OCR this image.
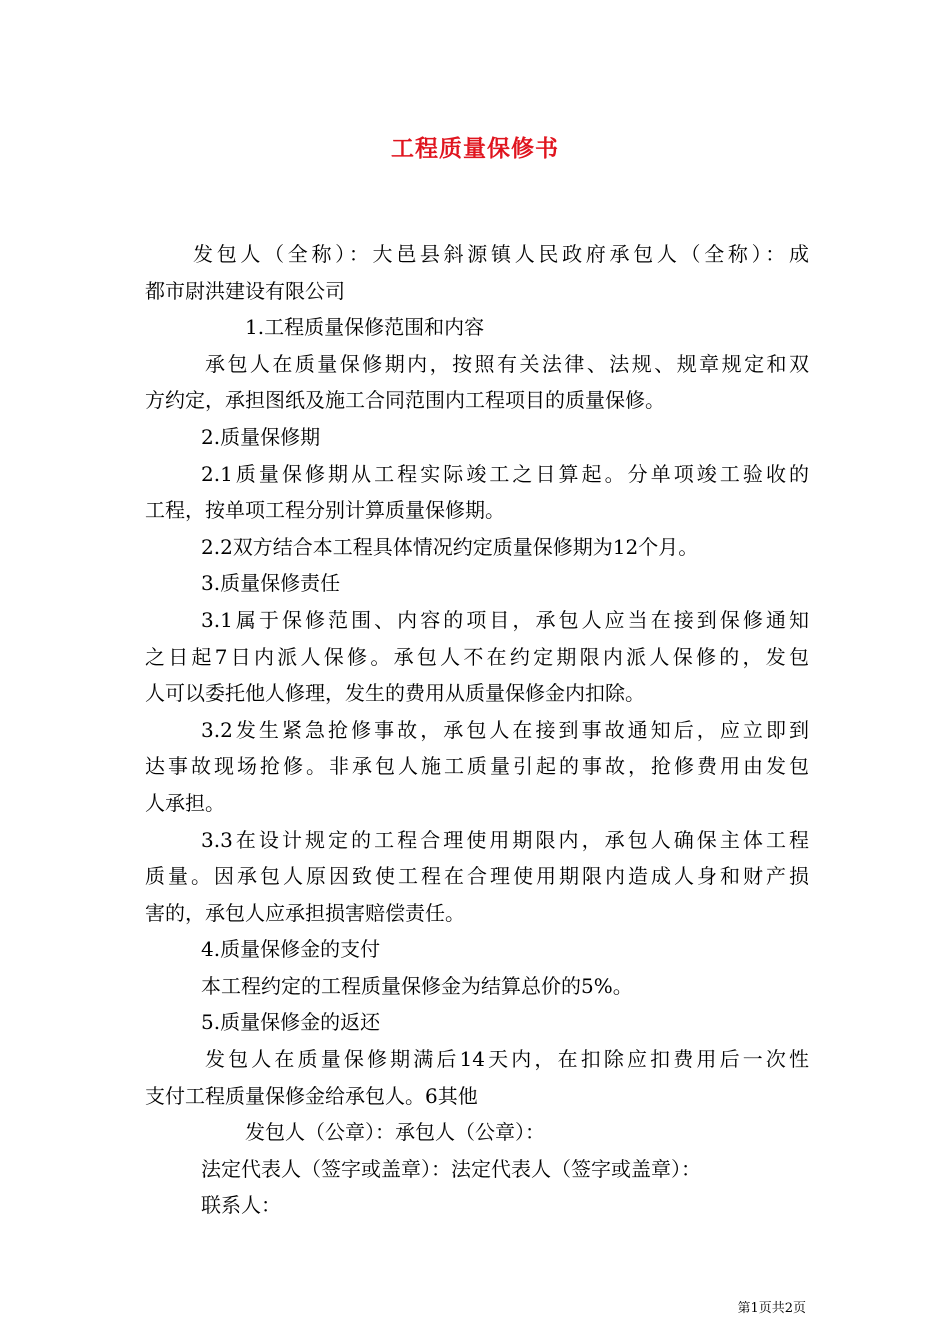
工程质量保修书

发包人（全称）：大邑县斜源镇人民政府承包人（全称）：成

都市尉洪建设有限公司

1.工程质量保修范围和内容

承包人在质量保修期内，按照有关法律、法规、规章规定和双

方约定，承担图纸及施工合同范围内工程项目的质量保修。

2.质量保修期

2.1质量保修期从工程实际竣工之日算起。分单项竣工验收的

工程，按单项工程分别计算质量保修期。

2.2双方结合本工程具体情况约定质量保修期为12个月。

3.质量保修责任

3.1属于保修范围、内容的项目，承包人应当在接到保修通知

之日起7日内派人保修。承包人不在约定期限内派人保修的，发包

人可以委托他人修理，发生的费用从质量保修金内扣除。

3.2发生紧急抢修事故，承包人在接到事故通知后，应立即到

达事故现场抢修。非承包人施工质量引起的事故，抢修费用由发包

人承担。

3.3在设计规定的工程合理使用期限内，承包人确保主体工程

质量。因承包人原因致使工程在合理使用期限内造成人身和财产损

害的，承包人应承担损害赔偿责任。

4.质量保修金的支付

本工程约定的工程质量保修金为结算总价的5%。

5.质量保修金的返还

发包人在质量保修期满后14天内，在扣除应扣费用后一次性

支付工程质量保修金给承包人。6其他

发包人（公章）：承包人（公章）：

法定代表人（签字或盖章）：法定代表人（签字或盖章）：

联系人：

第1页共2页
